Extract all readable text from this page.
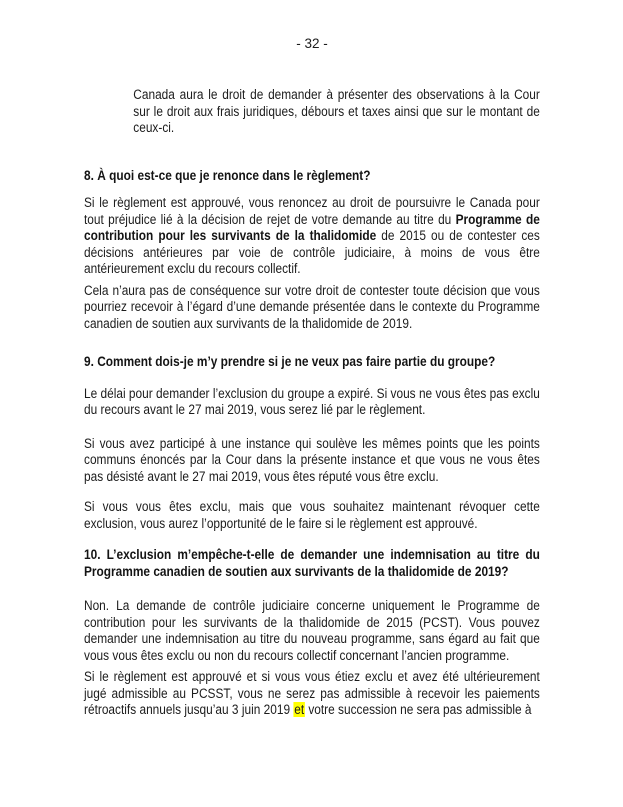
- 32 -

Canada aura le droit de demander à présenter des observations à la Cour sur le droit aux frais juridiques, débours et taxes ainsi que sur le montant de ceux-ci.

8. À quoi est-ce que je renonce dans le règlement?

Si le règlement est approuvé, vous renoncez au droit de poursuivre le Canada pour tout préjudice lié à la décision de rejet de votre demande au titre du Programme de contribution pour les survivants de la thalidomide de 2015 ou de contester ces décisions antérieures par voie de contrôle judiciaire, à moins de vous être antérieurement exclu du recours collectif.

Cela n’aura pas de conséquence sur votre droit de contester toute décision que vous pourriez recevoir à l’égard d’une demande présentée dans le contexte du Programme canadien de soutien aux survivants de la thalidomide de 2019.

9. Comment dois-je m’y prendre si je ne veux pas faire partie du groupe?

Le délai pour demander l’exclusion du groupe a expiré. Si vous ne vous êtes pas exclu du recours avant le 27 mai 2019, vous serez lié par le règlement.

Si vous avez participé à une instance qui soulève les mêmes points que les points communs énoncés par la Cour dans la présente instance et que vous ne vous êtes pas désisté avant le 27 mai 2019, vous êtes réputé vous être exclu.

Si vous vous êtes exclu, mais que vous souhaitez maintenant révoquer cette exclusion, vous aurez l’opportunité de le faire si le règlement est approuvé.

10. L’exclusion m’empêche-t-elle de demander une indemnisation au titre du Programme canadien de soutien aux survivants de la thalidomide de 2019?

Non. La demande de contrôle judiciaire concerne uniquement le Programme de contribution pour les survivants de la thalidomide de 2015 (PCST). Vous pouvez demander une indemnisation au titre du nouveau programme, sans égard au fait que vous vous êtes exclu ou non du recours collectif concernant l’ancien programme.

Si le règlement est approuvé et si vous vous étiez exclu et avez été ultérieurement jugé admissible au PCSST, vous ne serez pas admissible à recevoir les paiements rétroactifs annuels jusqu’au 3 juin 2019 et votre succession ne sera pas admissible à
